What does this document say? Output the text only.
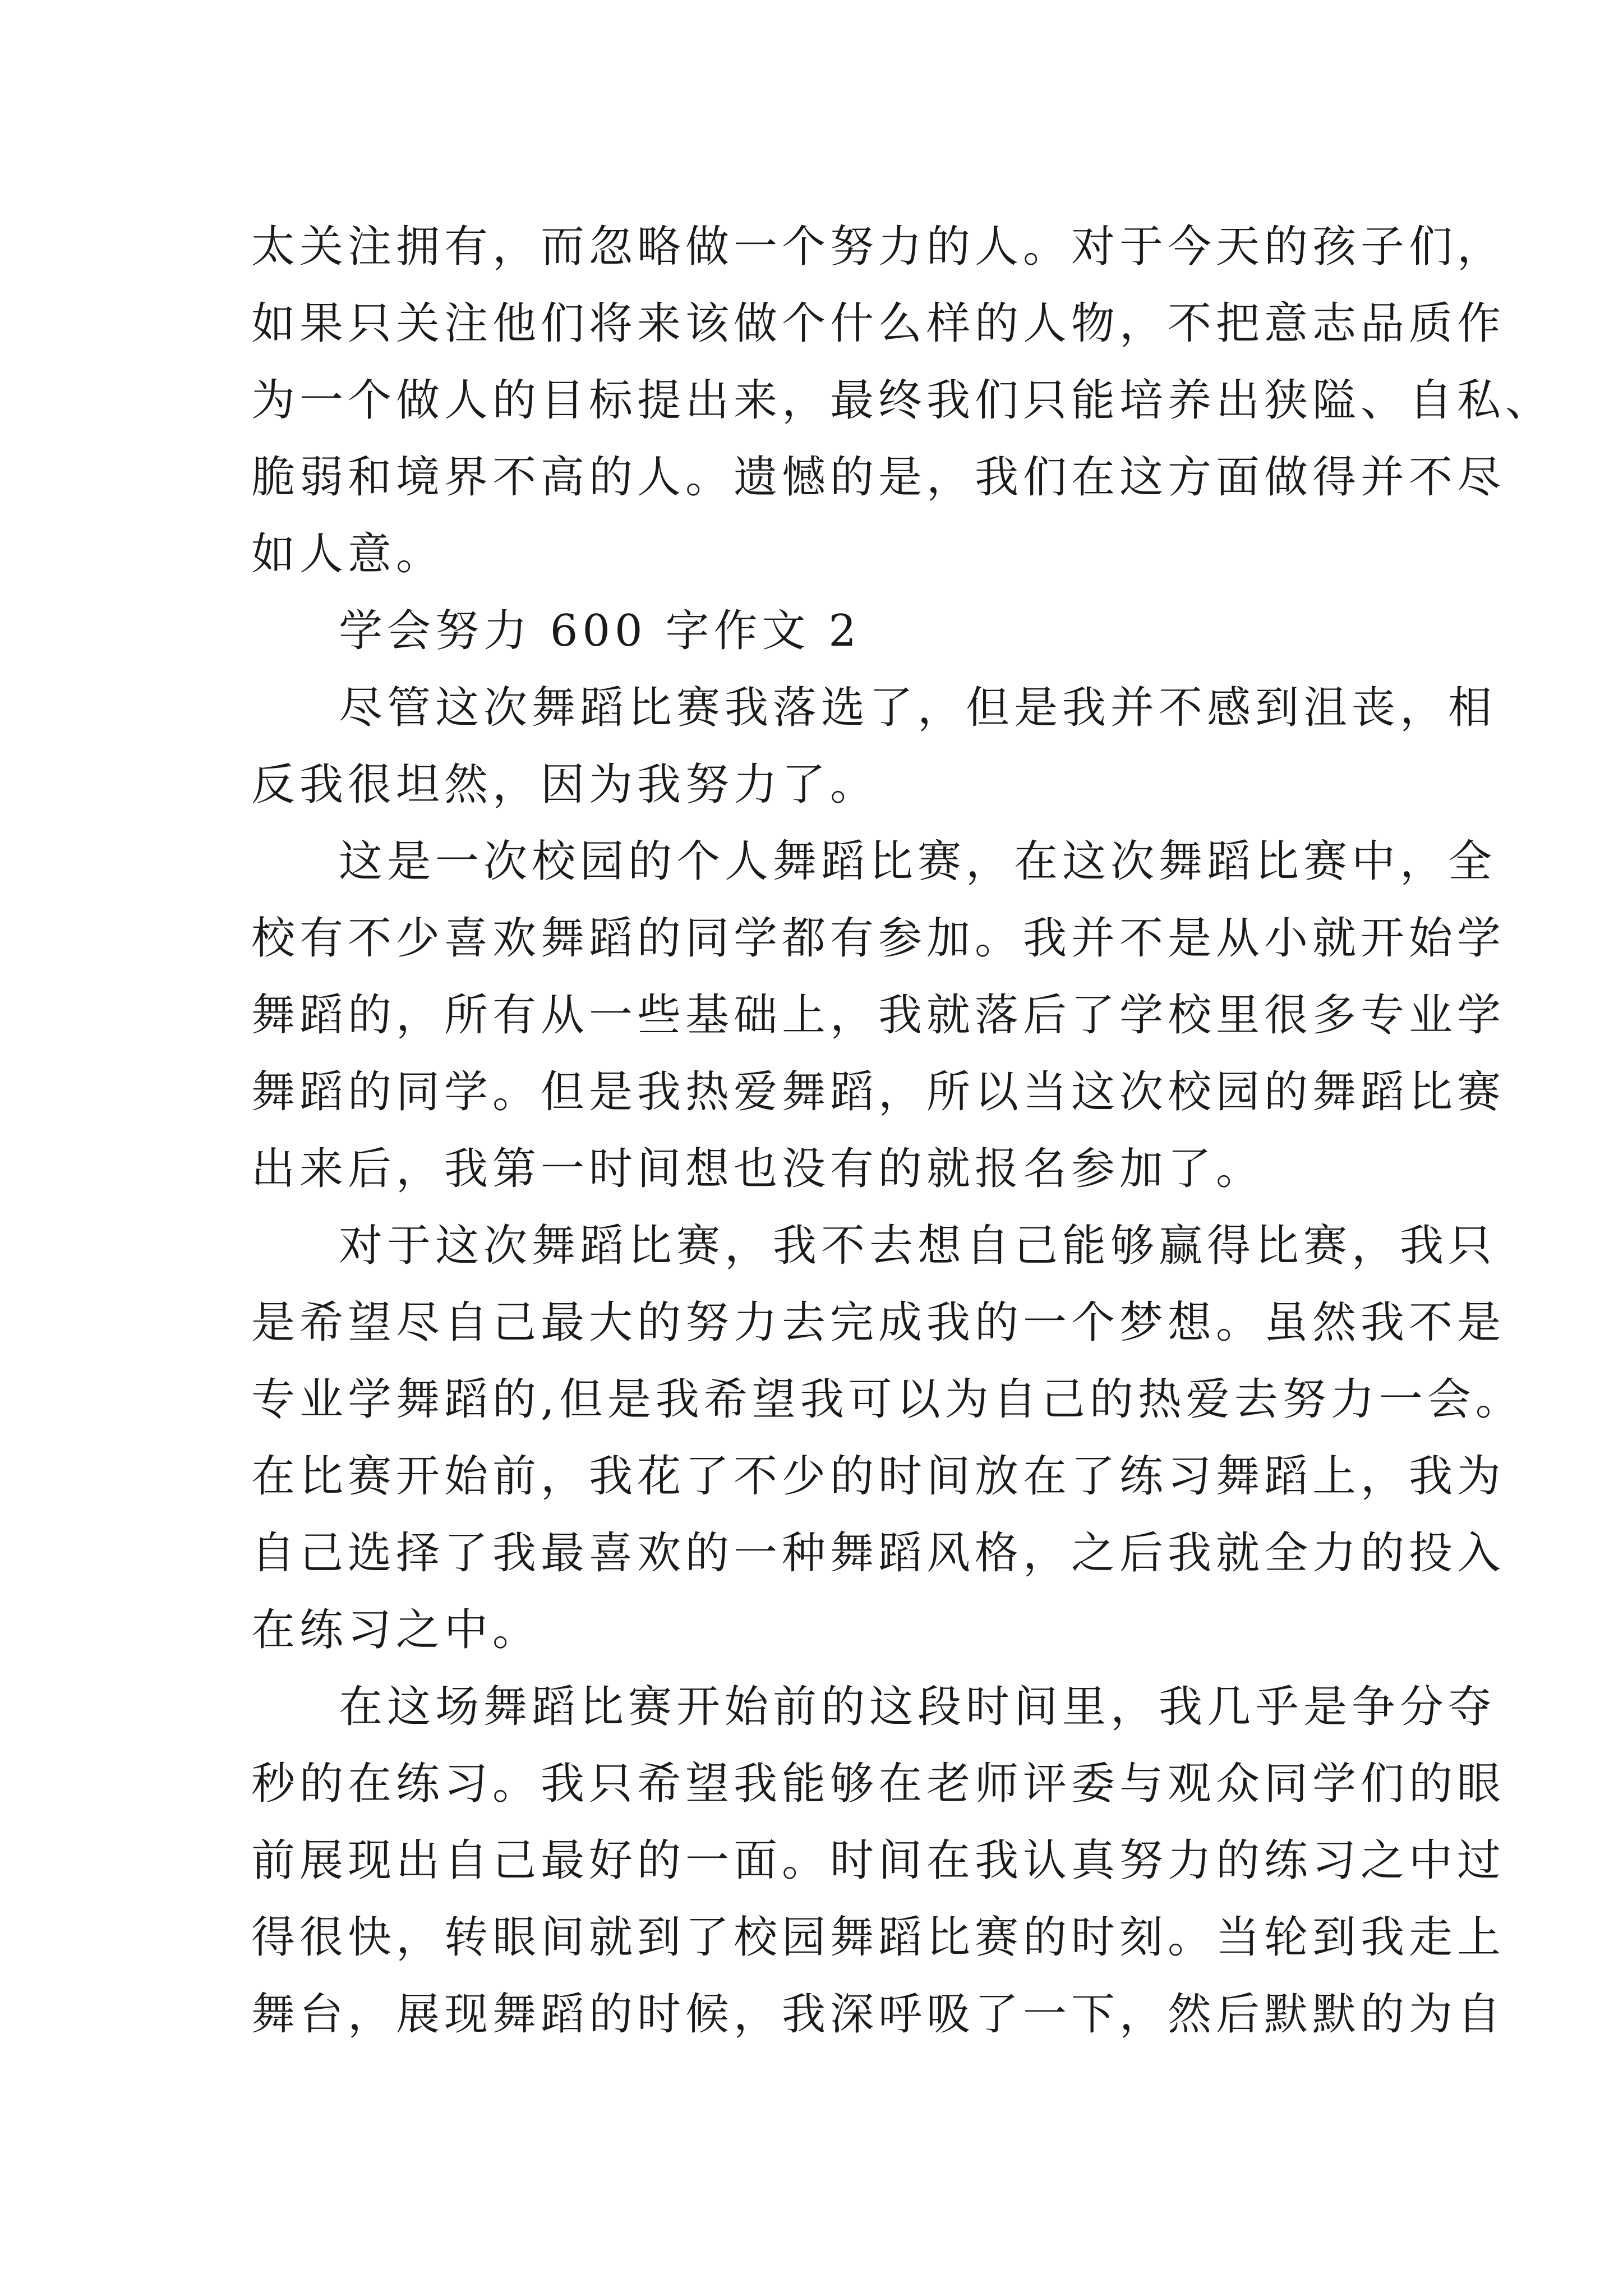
太关注拥有，而忽略做一个努力的人。对于今天的孩子们，
如果只关注他们将来该做个什么样的人物，不把意志品质作
为一个做人的目标提出来，最终我们只能培养出狭隘、自私、
脆弱和境界不高的人。遗憾的是，我们在这方面做得并不尽
如人意。
学会努力 600 字作文 2
尽管这次舞蹈比赛我落选了，但是我并不感到沮丧，相
反我很坦然，因为我努力了。
这是一次校园的个人舞蹈比赛，在这次舞蹈比赛中，全
校有不少喜欢舞蹈的同学都有参加。我并不是从小就开始学
舞蹈的，所有从一些基础上，我就落后了学校里很多专业学
舞蹈的同学。但是我热爱舞蹈，所以当这次校园的舞蹈比赛
出来后，我第一时间想也没有的就报名参加了。
对于这次舞蹈比赛，我不去想自己能够赢得比赛，我只
是希望尽自己最大的努力去完成我的一个梦想。虽然我不是
专业学舞蹈的,但是我希望我可以为自己的热爱去努力一会。
在比赛开始前，我花了不少的时间放在了练习舞蹈上，我为
自己选择了我最喜欢的一种舞蹈风格，之后我就全力的投入
在练习之中。
在这场舞蹈比赛开始前的这段时间里，我几乎是争分夺
秒的在练习。我只希望我能够在老师评委与观众同学们的眼
前展现出自己最好的一面。时间在我认真努力的练习之中过
得很快，转眼间就到了校园舞蹈比赛的时刻。当轮到我走上
舞台，展现舞蹈的时候，我深呼吸了一下，然后默默的为自
